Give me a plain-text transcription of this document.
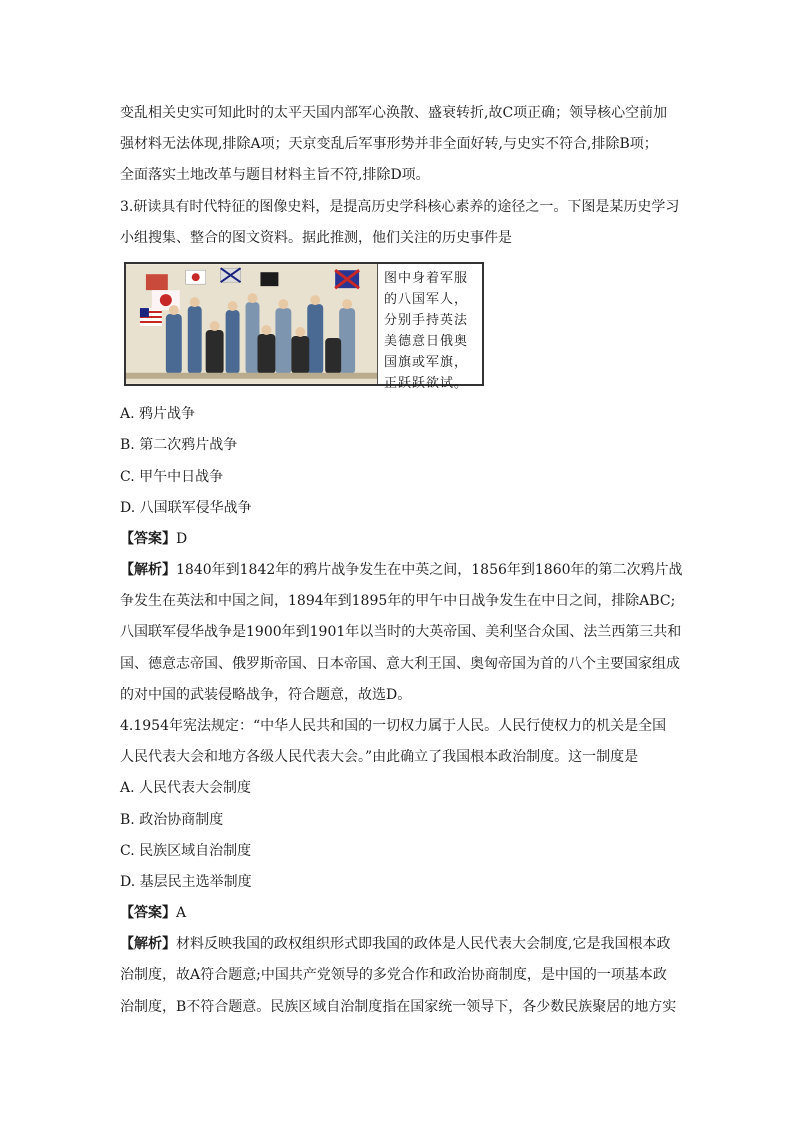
变乱相关史实可知此时的太平天国内部军心涣散、盛衰转折,故C项正确；领导核心空前加
强材料无法体现,排除A项；天京变乱后军事形势并非全面好转,与史实不符合,排除B项；
全面落实土地改革与题目材料主旨不符,排除D项。
3.研读具有时代特征的图像史料，是提高历史学科核心素养的途径之一。下图是某历史学习
小组搜集、整合的图文资料。据此推测，他们关注的历史事件是
图中身着军服的八国军人，分别手持英法美德意日俄奥国旗或军旗，正跃跃欲试。
A. 鸦片战争
B. 第二次鸦片战争
C. 甲午中日战争
D. 八国联军侵华战争
【答案】D
【解析】1840年到1842年的鸦片战争发生在中英之间，1856年到1860年的第二次鸦片战
争发生在英法和中国之间，1894年到1895年的甲午中日战争发生在中日之间，排除ABC;
八国联军侵华战争是1900年到1901年以当时的大英帝国、美利坚合众国、法兰西第三共和
国、德意志帝国、俄罗斯帝国、日本帝国、意大利王国、奥匈帝国为首的八个主要国家组成
的对中国的武装侵略战争，符合题意，故选D。
4.1954年宪法规定：“中华人民共和国的一切权力属于人民。人民行使权力的机关是全国
人民代表大会和地方各级人民代表大会。”由此确立了我国根本政治制度。这一制度是
A. 人民代表大会制度
B. 政治协商制度
C. 民族区域自治制度
D. 基层民主选举制度
【答案】A
【解析】材料反映我国的政权组织形式即我国的政体是人民代表大会制度,它是我国根本政
治制度，故A符合题意;中国共产党领导的多党合作和政治协商制度，是中国的一项基本政
治制度，B不符合题意。民族区域自治制度指在国家统一领导下，各少数民族聚居的地方实
